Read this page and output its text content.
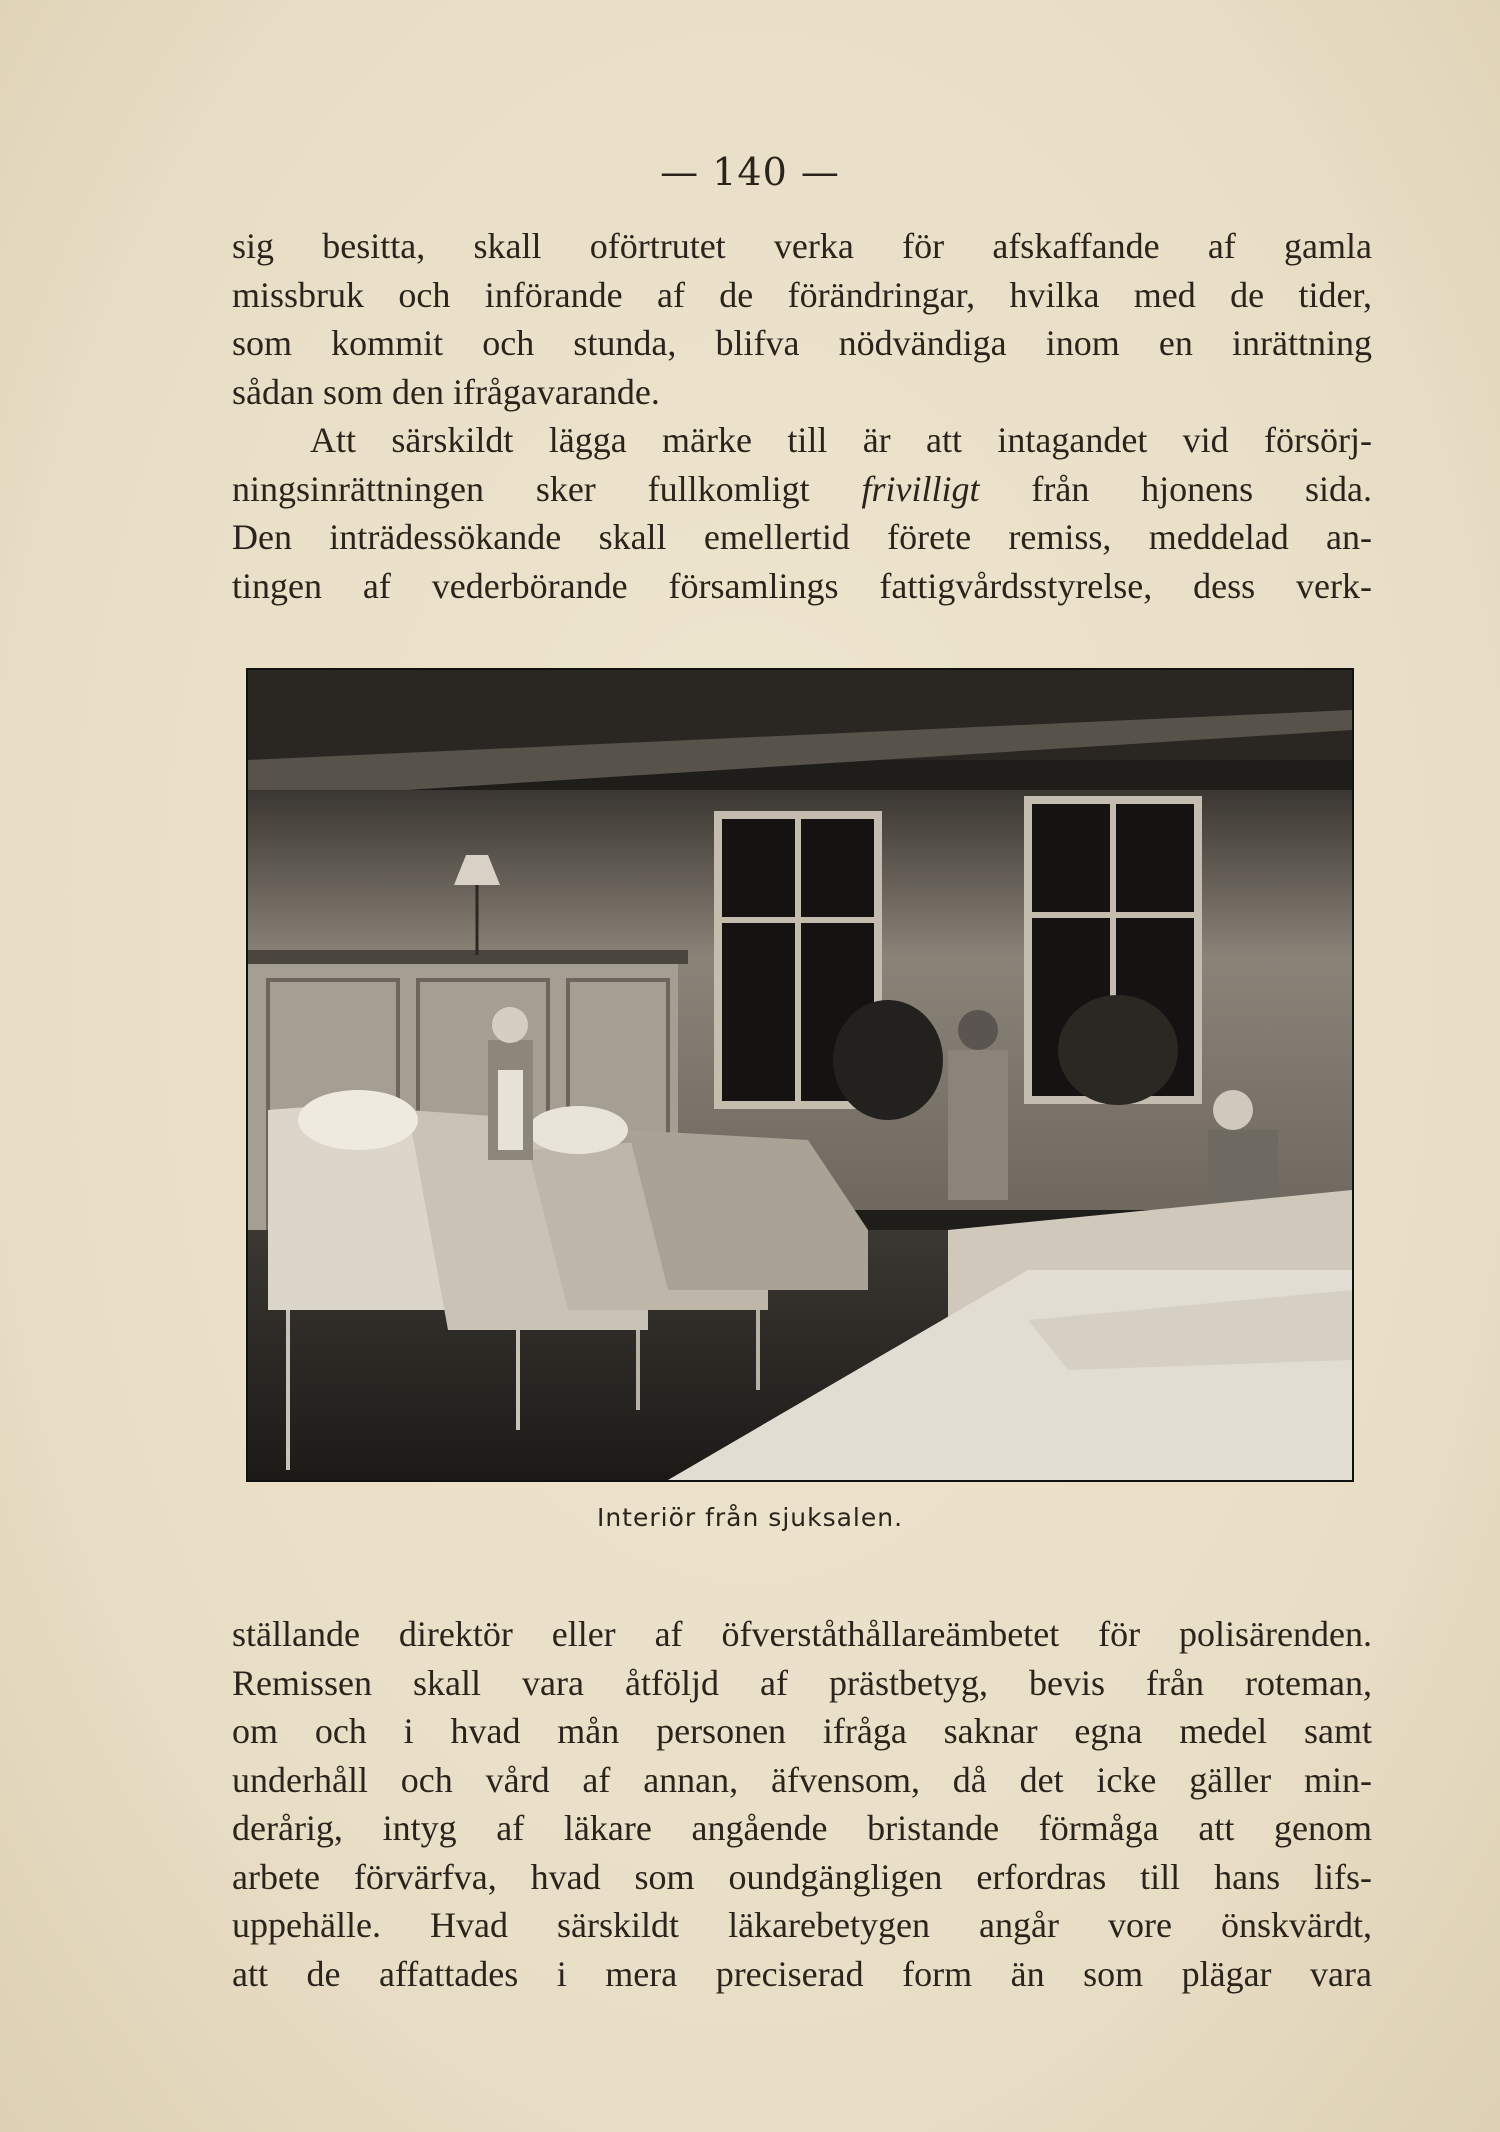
— 140 —
sig besitta, skall oförtrutet verka för afskaffande af gamla
missbruk och införande af de förändringar, hvilka med de tider,
som kommit och stunda, blifva nödvändiga inom en inrättning
sådan som den ifrågavarande.
Att särskildt lägga märke till är att intagandet vid försörj-
ningsinrättningen sker fullkomligt frivilligt från hjonens sida.
Den inträdessökande skall emellertid förete remiss, meddelad an-
tingen af vederbörande församlings fattigvårdsstyrelse, dess verk-
Interiör från sjuksalen.
ställande direktör eller af öfverståthållareämbetet för polisärenden.
Remissen skall vara åtföljd af prästbetyg, bevis från roteman,
om och i hvad mån personen ifråga saknar egna medel samt
underhåll och vård af annan, äfvensom, då det icke gäller min-
derårig, intyg af läkare angående bristande förmåga att genom
arbete förvärfva, hvad som oundgängligen erfordras till hans lifs-
uppehälle. Hvad särskildt läkarebetygen angår vore önskvärdt,
att de affattades i mera preciserad form än som plägar vara
